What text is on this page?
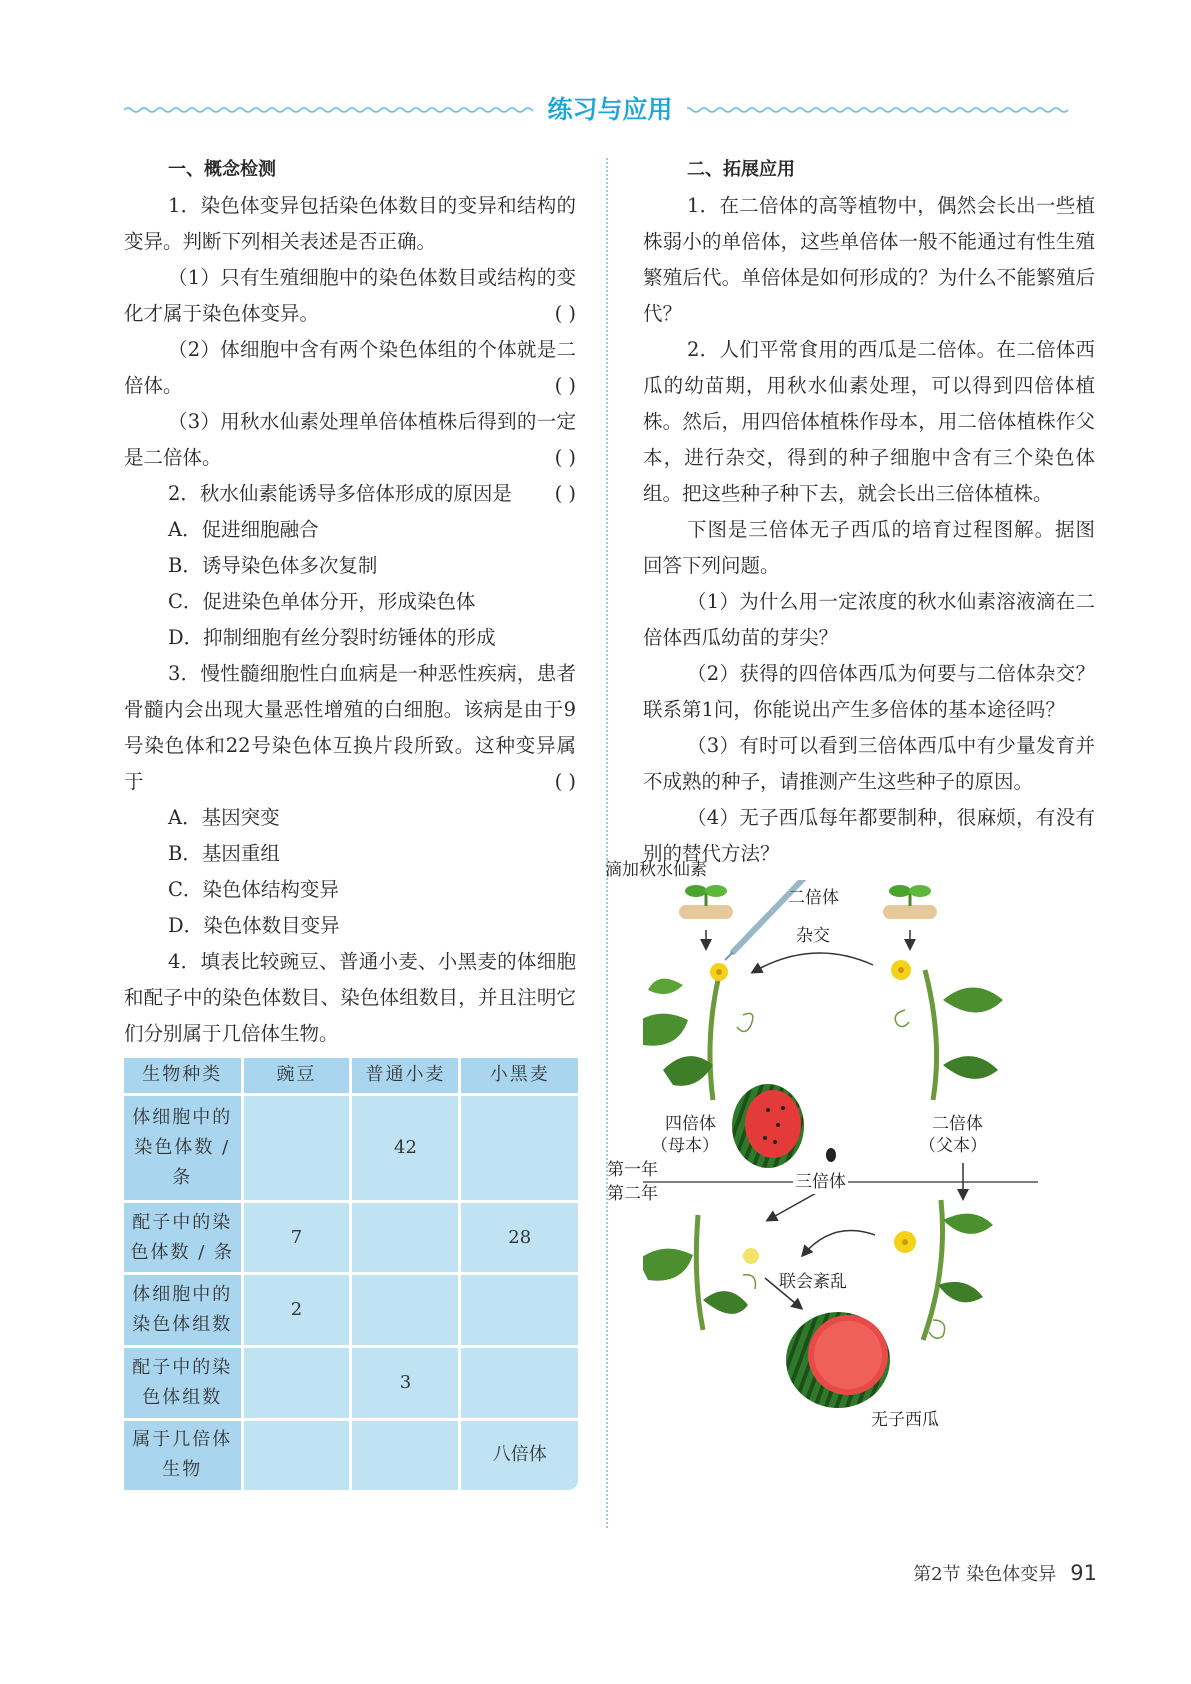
练习与应用
一、概念检测
1．染色体变异包括染色体数目的变异和结构的变异。判断下列相关表述是否正确。
（1）只有生殖细胞中的染色体数目或结构的变化才属于染色体变异。	( )
（2）体细胞中含有两个染色体组的个体就是二倍体。	( )
（3）用秋水仙素处理单倍体植株后得到的一定是二倍体。	( )
2．秋水仙素能诱导多倍体形成的原因是 ( )
A．促进细胞融合
B．诱导染色体多次复制
C．促进染色单体分开，形成染色体
D．抑制细胞有丝分裂时纺锤体的形成
3．慢性髓细胞性白血病是一种恶性疾病，患者骨髓内会出现大量恶性增殖的白细胞。该病是由于9号染色体和22号染色体互换片段所致。这种变异属于	( )
A．基因突变
B．基因重组
C．染色体结构变异
D．染色体数目变异
4．填表比较豌豆、普通小麦、小黑麦的体细胞和配子中的染色体数目、染色体组数目，并且注明它们分别属于几倍体生物。
生物种类	豌豆	普通小麦	小黑麦
体细胞中的染色体数 / 条		42	
配子中的染色体数 / 条	7		28
体细胞中的染色体组数	2		
配子中的染色体组数		3	
属于几倍体生物			八倍体
二、拓展应用
1．在二倍体的高等植物中，偶然会长出一些植株弱小的单倍体，这些单倍体一般不能通过有性生殖繁殖后代。单倍体是如何形成的？为什么不能繁殖后代？
2．人们平常食用的西瓜是二倍体。在二倍体西瓜的幼苗期，用秋水仙素处理，可以得到四倍体植株。然后，用四倍体植株作母本，用二倍体植株作父本，进行杂交，得到的种子细胞中含有三个染色体组。把这些种子种下去，就会长出三倍体植株。
下图是三倍体无子西瓜的培育过程图解。据图回答下列问题。
（1）为什么用一定浓度的秋水仙素溶液滴在二倍体西瓜幼苗的芽尖？
（2）获得的四倍体西瓜为何要与二倍体杂交？联系第1问，你能说出产生多倍体的基本途径吗？
（3）有时可以看到三倍体西瓜中有少量发育并不成熟的种子，请推测产生这些种子的原因。
（4）无子西瓜每年都要制种，很麻烦，有没有别的替代方法？
滴加秋水仙素
二倍体
杂交
四倍体
（母本）
二倍体
（父本）
第一年
第二年
三倍体
联会紊乱
无子西瓜
第2节 染色体变异 91
